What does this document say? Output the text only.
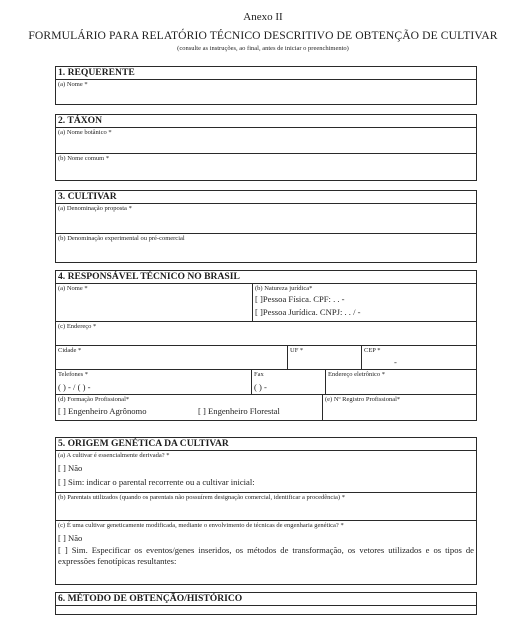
Anexo II
FORMULÁRIO PARA RELATÓRIO TÉCNICO DESCRITIVO DE OBTENÇÃO DE CULTIVAR
(consulte as instruções, ao final, antes de iniciar o preenchimento)
1. REQUERENTE
(a) Nome *
2. TÁXON
(a) Nome botânico *
(b) Nome comum *
3. CULTIVAR
(a) Denominação proposta *
(b) Denominação experimental ou pré-comercial
4. RESPONSÁVEL TÉCNICO NO BRASIL
(a) Nome *	(b) Natureza jurídica*
[ ]Pessoa Física. CPF: . . -
[ ]Pessoa Jurídica. CNPJ: . . / -
(c) Endereço *
Cidade *	UF *	CEP *
-
Telefones *
( ) - / ( ) -
Fax
( ) -
Endereço eletrônico *
(d) Formação Profissional*
[ ] Engenheiro Agrônomo	[ ] Engenheiro Florestal
(e) Nº Registro Profissional*
5. ORIGEM GENÉTICA DA CULTIVAR
(a) A cultivar é essencialmente derivada? *
[ ] Não
[ ] Sim: indicar o parental recorrente ou a cultivar inicial:
(b) Parentais utilizados (quando os parentais não possuírem designação comercial, identificar a procedência) *
(c) É uma cultivar geneticamente modificada, mediante o envolvimento de técnicas de engenharia genética? *
[ ] Não
[ ] Sim. Especificar os eventos/genes inseridos, os métodos de transformação, os vetores utilizados e os tipos de expressões fenotípicas resultantes:
6. MÉTODO DE OBTENÇÃO/HISTÓRICO
